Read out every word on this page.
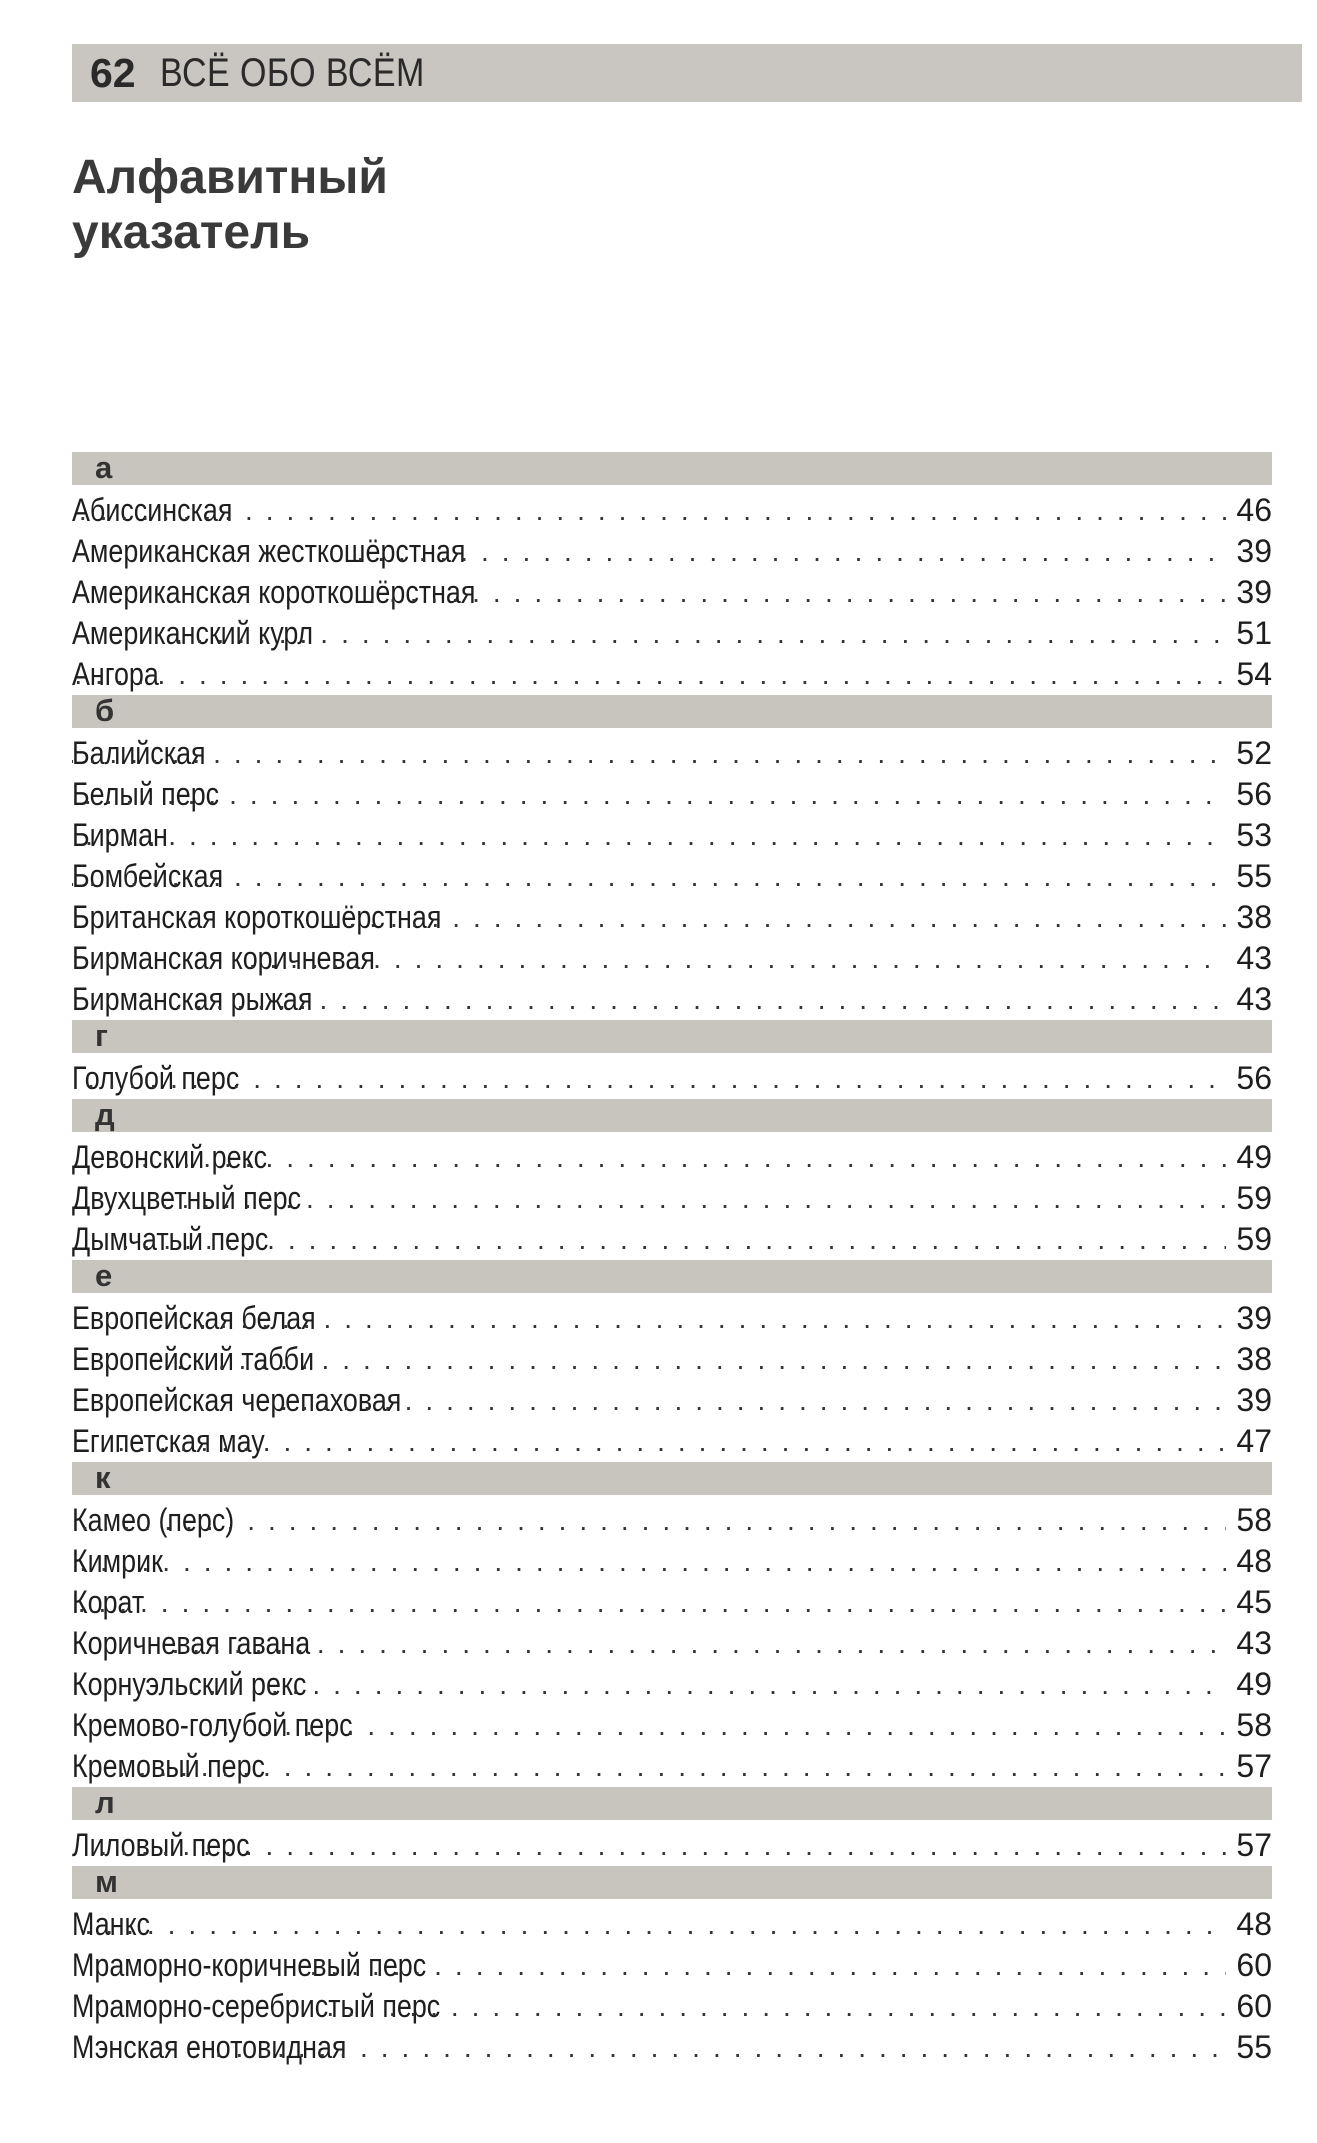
62 ВСЁ ОБО ВСЁМ
Алфавитный
указатель
а
Абиссинская . . .	46
Американская жесткошёрстная . . .	39
Американская короткошёрстная . . .	39
Американский курл . . .	51
Ангора . . .	54
б
Балийская . . .	52
Белый перс . . .	56
Бирман . . .	53
Бомбейская . . .	55
Британская короткошёрстная . . .	38
Бирманская коричневая . . .	43
Бирманская рыжая . . .	43
г
Голубой перс . . .	56
д
Девонский рекс . . .	49
Двухцветный перс . . .	59
Дымчатый перс . . .	59
е
Европейская белая . . .	39
Европейский табби . . .	38
Европейская черепаховая . . .	39
Египетская мау . . .	47
к
Камео (перс) . . .	58
Кимрик . . .	48
Корат . . .	45
Коричневая гавана . . .	43
Корнуэльский рекс . . .	49
Кремово-голубой перс . . .	58
Кремовый перс . . .	57
л
Лиловый перс . . .	57
м
Манкс . . .	48
Мраморно-коричневый перс . . .	60
Мраморно-серебристый перс . . .	60
Мэнская енотовидная . . .	55
